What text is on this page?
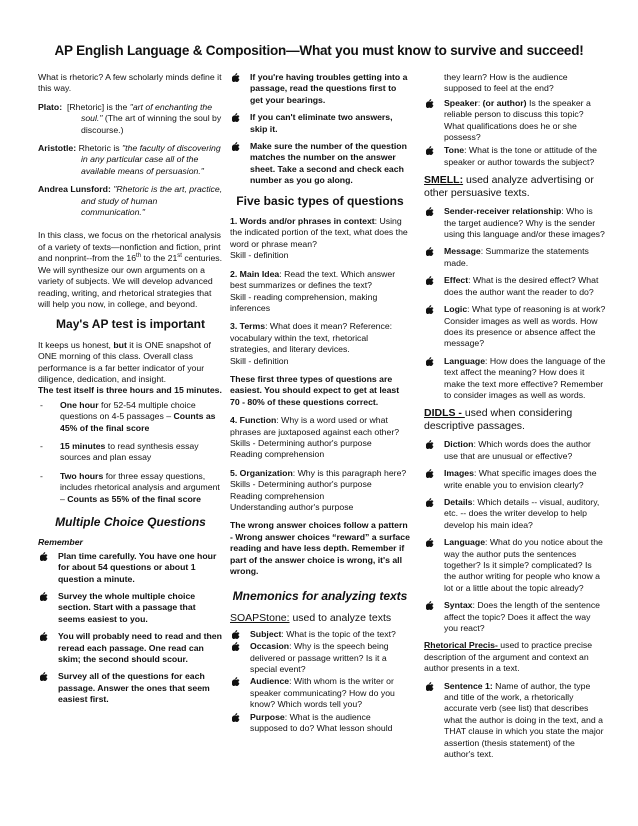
AP English Language & Composition—What you must know to survive and succeed!

What is rhetoric? A few scholarly minds define it this way.

Plato: [Rhetoric] is the "art of enchanting the soul." (The art of winning the soul by discourse.)

Aristotle: Rhetoric is "the faculty of discovering in any particular case all of the available means of persuasion."

Andrea Lunsford: "Rhetoric is the art, practice, and study of human communication."

In this class, we focus on the rhetorical analysis of a variety of texts—nonfiction and fiction, print and nonprint--from the 16th to the 21st centuries. We will synthesize our own arguments on a variety of subjects. We will develop advanced reading, writing, and rhetorical strategies that will help you now, in college, and beyond.

May's AP test is important

It keeps us honest, but it is ONE snapshot of ONE morning of this class. Overall class performance is a far better indicator of your diligence, dedication, and insight.

The test itself is three hours and 15 minutes.

- One hour for 52-54 multiple choice questions on 4-5 passages – Counts as 45% of the final score
- 15 minutes to read synthesis essay sources and plan essay
- Two hours for three essay questions, includes rhetorical analysis and argument – Counts as 55% of the final score
Multiple Choice Questions

Remember

Plan time carefully. You have one hour for about 54 questions or about 1 question a minute.
Survey the whole multiple choice section. Start with a passage that seems easiest to you.
You will probably need to read and then reread each passage. One read can skim; the second should scour.
Survey all of the questions for each passage. Answer the ones that seem easiest first.
If you're having troubles getting into a passage, read the questions first to get your bearings.
If you can't eliminate two answers, skip it.
Make sure the number of the question matches the number on the answer sheet. Take a second and check each number as you go along.
Five basic types of questions

1. Words and/or phrases in context: Using the indicated portion of the text, what does the word or phrase mean?
Skill - definition

2. Main Idea: Read the text. Which answer best summarizes or defines the text?
Skill - reading comprehension, making inferences

3. Terms: What does it mean? Reference: vocabulary within the text, rhetorical strategies, and literary devices.
Skill - definition

These first three types of questions are easiest. You should expect to get at least 70 - 80% of these questions correct.

4. Function: Why is a word used or what phrases are juxtaposed against each other?
Skills - Determining author's purpose
Reading comprehension

5. Organization: Why is this paragraph here?
Skills - Determining author's purpose
Reading comprehension
Understanding author's purpose

The wrong answer choices follow a pattern - Wrong answer choices “reward” a surface reading and have less depth. Remember if part of the answer choice is wrong, it's all wrong.

Mnemonics for analyzing texts

SOAPStone: used to analyze texts

Subject: What is the topic of the text?
Occasion: Why is the speech being delivered or passage written? Is it a special event?
Audience: With whom is the writer or speaker communicating? How do you know? Which words tell you?
Purpose: What is the audience supposed to do? What lesson should

they learn? How is the audience supposed to feel at the end?

Speaker: (or author) Is the speaker a reliable person to discuss this topic? What qualifications does he or she possess?
Tone: What is the tone or attitude of the speaker or author towards the subject?

SMELL: used analyze advertising or other persuasive texts.

Sender-receiver relationship: Who is the target audience? Why is the sender using this language and/or these images?
Message: Summarize the statements made.
Effect: What is the desired effect? What does the author want the reader to do?
Logic: What type of reasoning is at work? Consider images as well as words. How does its presence or absence affect the message?
Language: How does the language of the text affect the meaning? How does it make the text more effective? Remember to consider images as well as words.

DIDLS - used when considering descriptive passages.

Diction: Which words does the author use that are unusual or effective?
Images: What specific images does the write enable you to envision clearly?
Details: Which details -- visual, auditory, etc. -- does the writer develop to help develop his main idea?
Language: What do you notice about the way the author puts the sentences together? Is it simple? complicated? Is the author writing for people who know a lot or a little about the topic already?
Syntax: Does the length of the sentence affect the topic? Does it affect the way you react?

Rhetorical Precis- used to practice precise description of the argument and context an author presents in a text.

Sentence 1: Name of author, the type and title of the work, a rhetorically accurate verb (see list) that describes what the author is doing in the text, and a THAT clause in which you state the major assertion (thesis statement) of the author's text.
